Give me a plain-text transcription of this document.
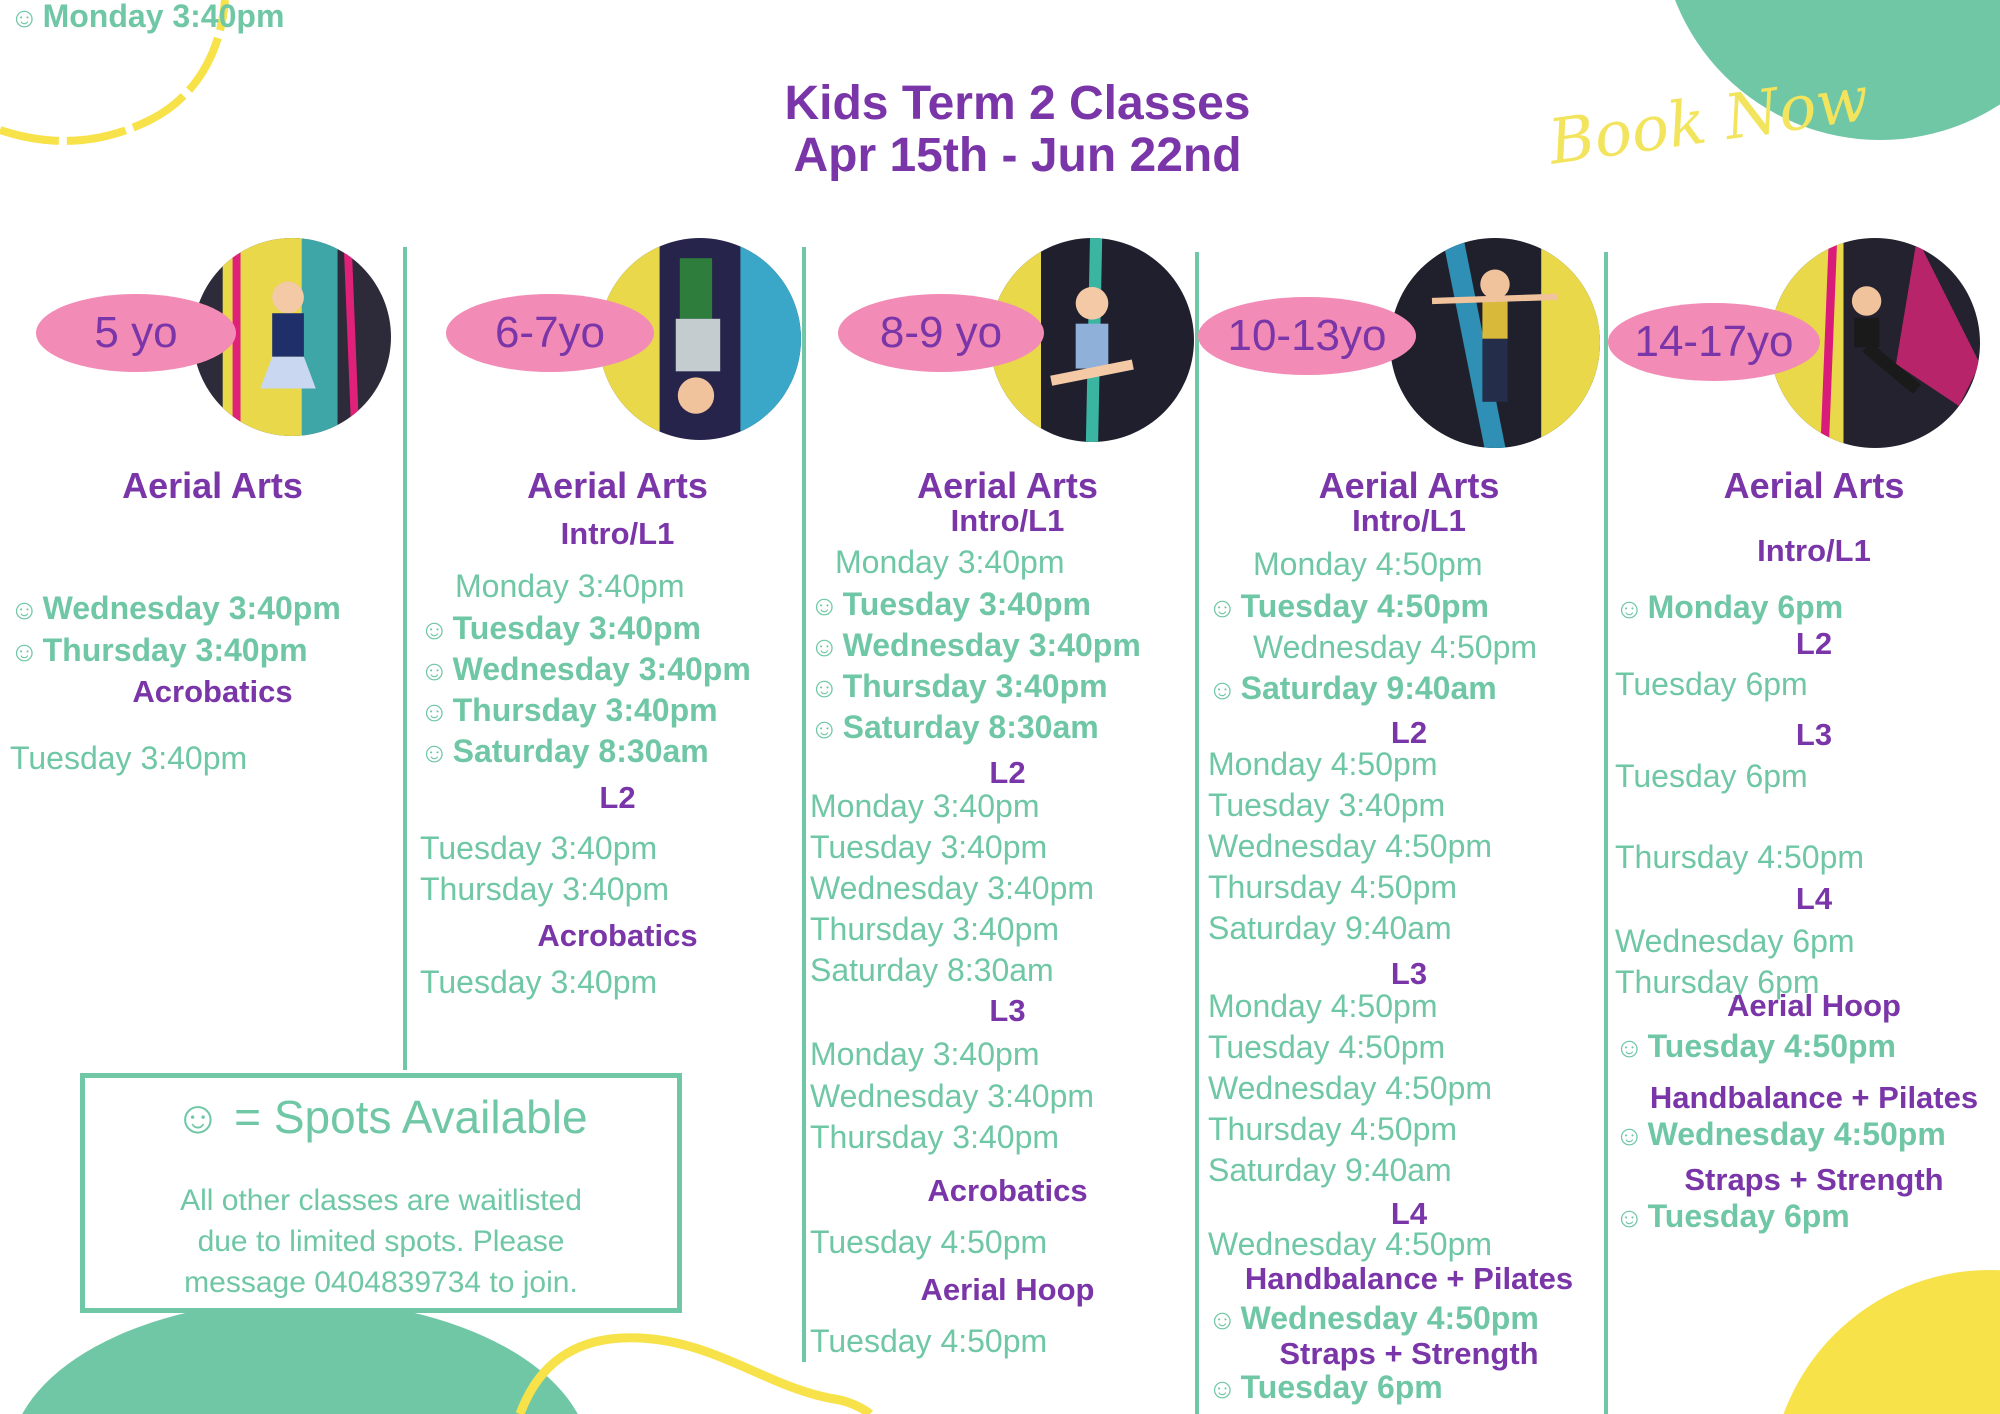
Kids Term 2 Classes
Apr 15th - Jun 22nd	Book Now
5 yo	6-7yo	8-9 yo	10-13yo	14-17yo
Aerial Arts
☺ Monday 3:40pm
☺ Wednesday 3:40pm
☺ Thursday 3:40pm
Acrobatics
Tuesday 3:40pm
Aerial Arts
Intro/L1
Monday 3:40pm
☺ Tuesday 3:40pm
☺ Wednesday 3:40pm
☺ Thursday 3:40pm
☺ Saturday 8:30am
L2
Tuesday 3:40pm
Thursday 3:40pm
Acrobatics
Tuesday 3:40pm
Aerial Arts
Intro/L1
Monday 3:40pm
☺ Tuesday 3:40pm
☺ Wednesday 3:40pm
☺ Thursday 3:40pm
☺ Saturday 8:30am
L2
Monday 3:40pm
Tuesday 3:40pm
Wednesday 3:40pm
Thursday 3:40pm
Saturday 8:30am
L3
Monday 3:40pm
Wednesday 3:40pm
Thursday 3:40pm
Acrobatics
Tuesday 4:50pm
Aerial Hoop
Tuesday 4:50pm
Aerial Arts
Intro/L1
Monday 4:50pm
☺ Tuesday 4:50pm
Wednesday 4:50pm
☺ Saturday 9:40am
L2
Monday 4:50pm
Tuesday 3:40pm
Wednesday 4:50pm
Thursday 4:50pm
Saturday 9:40am
L3
Monday 4:50pm
Tuesday 4:50pm
Wednesday 4:50pm
Thursday 4:50pm
Saturday 9:40am
L4
Wednesday 4:50pm
Handbalance + Pilates
☺ Wednesday 4:50pm
Straps + Strength
☺ Tuesday 6pm
Aerial Arts
Intro/L1
☺ Monday 6pm
L2
Tuesday 6pm
L3
Tuesday 6pm
Thursday 4:50pm
L4
Wednesday 6pm
Thursday 6pm
Aerial Hoop
☺ Tuesday 4:50pm
Handbalance + Pilates
☺ Wednesday 4:50pm
Straps + Strength
☺ Tuesday 6pm
☺ = Spots Available
All other classes are waitlisted
due to limited spots. Please
message 0404839734 to join.
